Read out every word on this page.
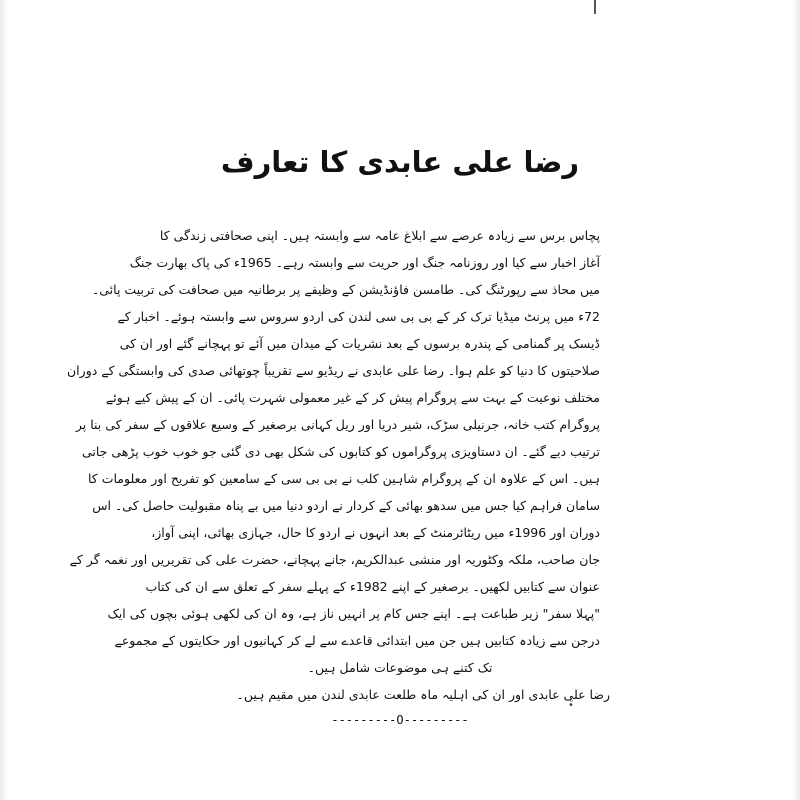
رضا علی عابدی کا تعارف
پچاس برس سے زیادہ عرصے سے ابلاغ عامہ سے وابستہ ہیں۔ اپنی صحافتی زندگی کا
آغاز اخبار سے کیا اور روزنامہ جنگ اور حریت سے وابستہ رہے۔ 1965ء کی پاک بھارت جنگ
میں محاذ سے رپورٹنگ کی۔ طامسن فاؤنڈیشن کے وظیفے پر برطانیہ میں صحافت کی تربیت پائی۔
72ء میں پرنٹ میڈیا ترک کر کے بی بی سی لندن کی اردو سروس سے وابستہ ہوئے۔ اخبار کے
ڈیسک پر گمنامی کے پندرہ برسوں کے بعد نشریات کے میدان میں آئے تو پہچانے گئے اور ان کی
صلاحیتوں کا دنیا کو علم ہوا۔ رضا علی عابدی نے ریڈیو سے تقریباً چوتھائی صدی کی وابستگی کے دوران
مختلف نوعیت کے بہت سے پروگرام پیش کر کے غیر معمولی شہرت پائی۔ ان کے پیش کیے ہوئے
پروگرام کتب خانہ، جرنیلی سڑک، شیر دریا اور ریل کہانی برصغیر کے وسیع علاقوں کے سفر کی بنا پر
ترتیب دیے گئے۔ ان دستاویزی پروگراموں کو کتابوں کی شکل بھی دی گئی جو خوب خوب پڑھی جاتی
ہیں۔ اس کے علاوہ ان کے پروگرام شاہین کلب نے بی بی سی کے سامعین کو تفریح اور معلومات کا
سامان فراہم کیا جس میں سدھو بھائی کے کردار نے اردو دنیا میں بے پناہ مقبولیت حاصل کی۔ اس
دوران اور 1996ء میں ریٹائرمنٹ کے بعد انہوں نے اردو کا حال، جہازی بھائی، اپنی آواز،
جان صاحب، ملکہ وکٹوریہ اور منشی عبدالکریم، جانے پہچانے، حضرت علی کی تقریریں اور نغمہ گر کے
عنوان سے کتابیں لکھیں۔ برصغیر کے اپنے 1982ء کے پہلے سفر کے تعلق سے ان کی کتاب
"پہلا سفر" زیر طباعت ہے۔ اپنے جس کام پر انہیں ناز ہے، وہ ان کی لکھی ہوئی بچوں کی ایک
درجن سے زیادہ کتابیں ہیں جن میں ابتدائی قاعدے سے لے کر کہانیوں اور حکایتوں کے مجموعے
تک کتنے ہی موضوعات شامل ہیں۔
رضا علی عابدی اور ان کی اہلیہ ماہ طلعت عابدی لندن میں مقیم ہیں۔
•̈
---------O---------
